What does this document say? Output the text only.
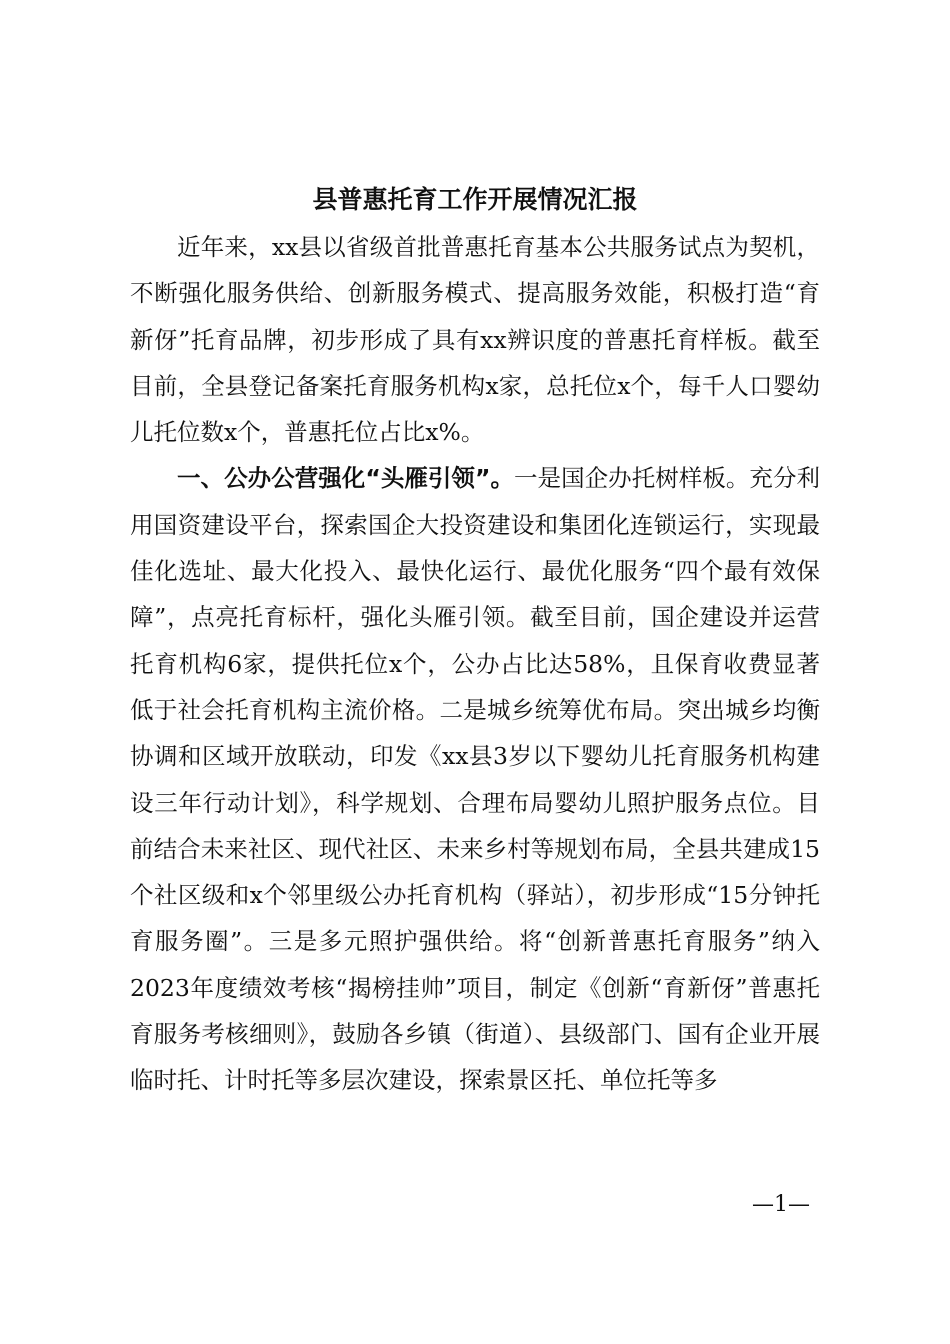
县普惠托育工作开展情况汇报

近年来，xx县以省级首批普惠托育基本公共服务试点为契机，不断强化服务供给、创新服务模式、提高服务效能，积极打造“育新伢”托育品牌，初步形成了具有xx辨识度的普惠托育样板。截至目前，全县登记备案托育服务机构x家，总托位x个，每千人口婴幼儿托位数x个，普惠托位占比x%。

一、公办公营强化“头雁引领”。一是国企办托树样板。充分利用国资建设平台，探索国企大投资建设和集团化连锁运行，实现最佳化选址、最大化投入、最快化运行、最优化服务“四个最有效保障”，点亮托育标杆，强化头雁引领。截至目前，国企建设并运营托育机构6家，提供托位x个，公办占比达58%，且保育收费显著低于社会托育机构主流价格。二是城乡统筹优布局。突出城乡均衡协调和区域开放联动，印发《xx县3岁以下婴幼儿托育服务机构建设三年行动计划》，科学规划、合理布局婴幼儿照护服务点位。目前结合未来社区、现代社区、未来乡村等规划布局，全县共建成15个社区级和x个邻里级公办托育机构（驿站），初步形成“15分钟托育服务圈”。三是多元照护强供给。将“创新普惠托育服务”纳入2023年度绩效考核“揭榜挂帅”项目，制定《创新“育新伢”普惠托育服务考核细则》，鼓励各乡镇（街道）、县级部门、国有企业开展临时托、计时托等多层次建设，探索景区托、单位托等多

—1—
